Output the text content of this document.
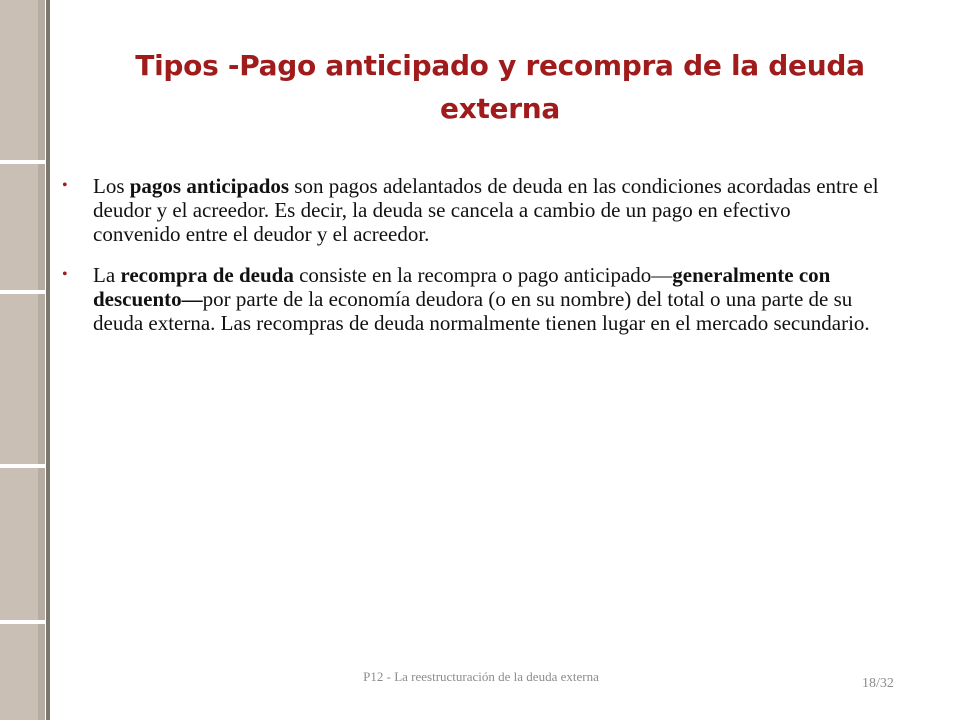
Tipos -Pago anticipado y recompra de la deuda externa
• Los pagos anticipados son pagos adelantados de deuda en las condiciones acordadas entre el deudor y el acreedor. Es decir, la deuda se cancela a cambio de un pago en efectivo convenido entre el deudor y el acreedor.
• La recompra de deuda consiste en la recompra o pago anticipado—generalmente con descuento—por parte de la economía deudora (o en su nombre) del total o una parte de su deuda externa. Las recompras de deuda normalmente tienen lugar en el mercado secundario.
P12 - La reestructuración de la deuda externa	18/32
